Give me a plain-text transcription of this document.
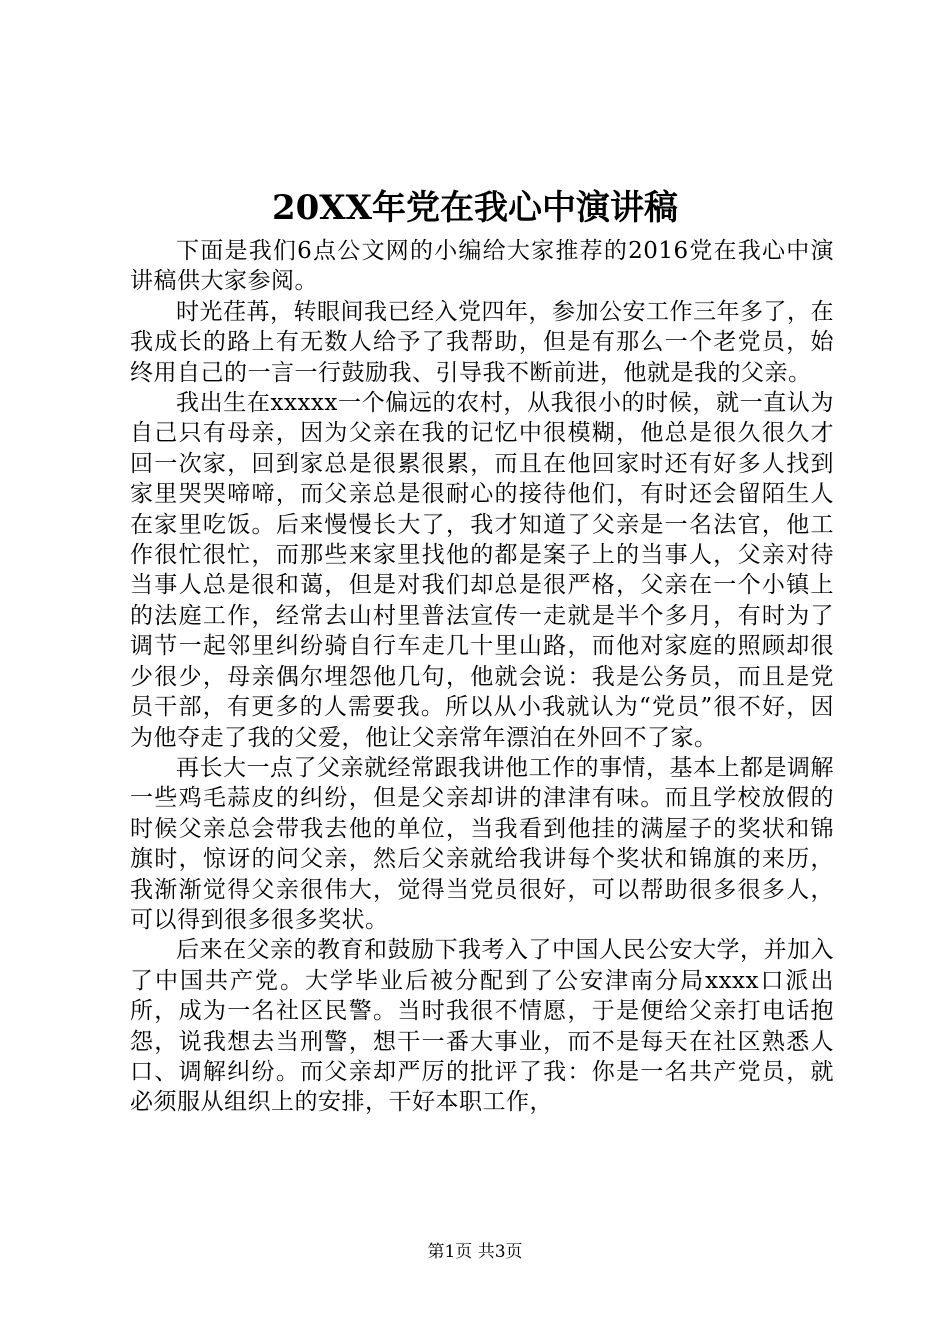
20XX年党在我心中演讲稿

下面是我们6点公文网的小编给大家推荐的2016党在我心中演讲稿供大家参阅。

时光荏苒，转眼间我已经入党四年，参加公安工作三年多了，在我成长的路上有无数人给予了我帮助，但是有那么一个老党员，始终用自己的一言一行鼓励我、引导我不断前进，他就是我的父亲。

我出生在xxxxx一个偏远的农村，从我很小的时候，就一直认为自己只有母亲，因为父亲在我的记忆中很模糊，他总是很久很久才回一次家，回到家总是很累很累，而且在他回家时还有好多人找到家里哭哭啼啼，而父亲总是很耐心的接待他们，有时还会留陌生人在家里吃饭。后来慢慢长大了，我才知道了父亲是一名法官，他工作很忙很忙，而那些来家里找他的都是案子上的当事人，父亲对待当事人总是很和蔼，但是对我们却总是很严格，父亲在一个小镇上的法庭工作，经常去山村里普法宣传一走就是半个多月，有时为了调节一起邻里纠纷骑自行车走几十里山路，而他对家庭的照顾却很少很少，母亲偶尔埋怨他几句，他就会说：我是公务员，而且是党员干部，有更多的人需要我。所以从小我就认为“党员”很不好，因为他夺走了我的父爱，他让父亲常年漂泊在外回不了家。

再长大一点了父亲就经常跟我讲他工作的事情，基本上都是调解一些鸡毛蒜皮的纠纷，但是父亲却讲的津津有味。而且学校放假的时候父亲总会带我去他的单位，当我看到他挂的满屋子的奖状和锦旗时，惊讶的问父亲，然后父亲就给我讲每个奖状和锦旗的来历，我渐渐觉得父亲很伟大，觉得当党员很好，可以帮助很多很多人，可以得到很多很多奖状。

后来在父亲的教育和鼓励下我考入了中国人民公安大学，并加入了中国共产党。大学毕业后被分配到了公安津南分局xxxx口派出所，成为一名社区民警。当时我很不情愿，于是便给父亲打电话抱怨，说我想去当刑警，想干一番大事业，而不是每天在社区熟悉人口、调解纠纷。而父亲却严厉的批评了我：你是一名共产党员，就必须服从组织上的安排，干好本职工作，

第1页 共3页
